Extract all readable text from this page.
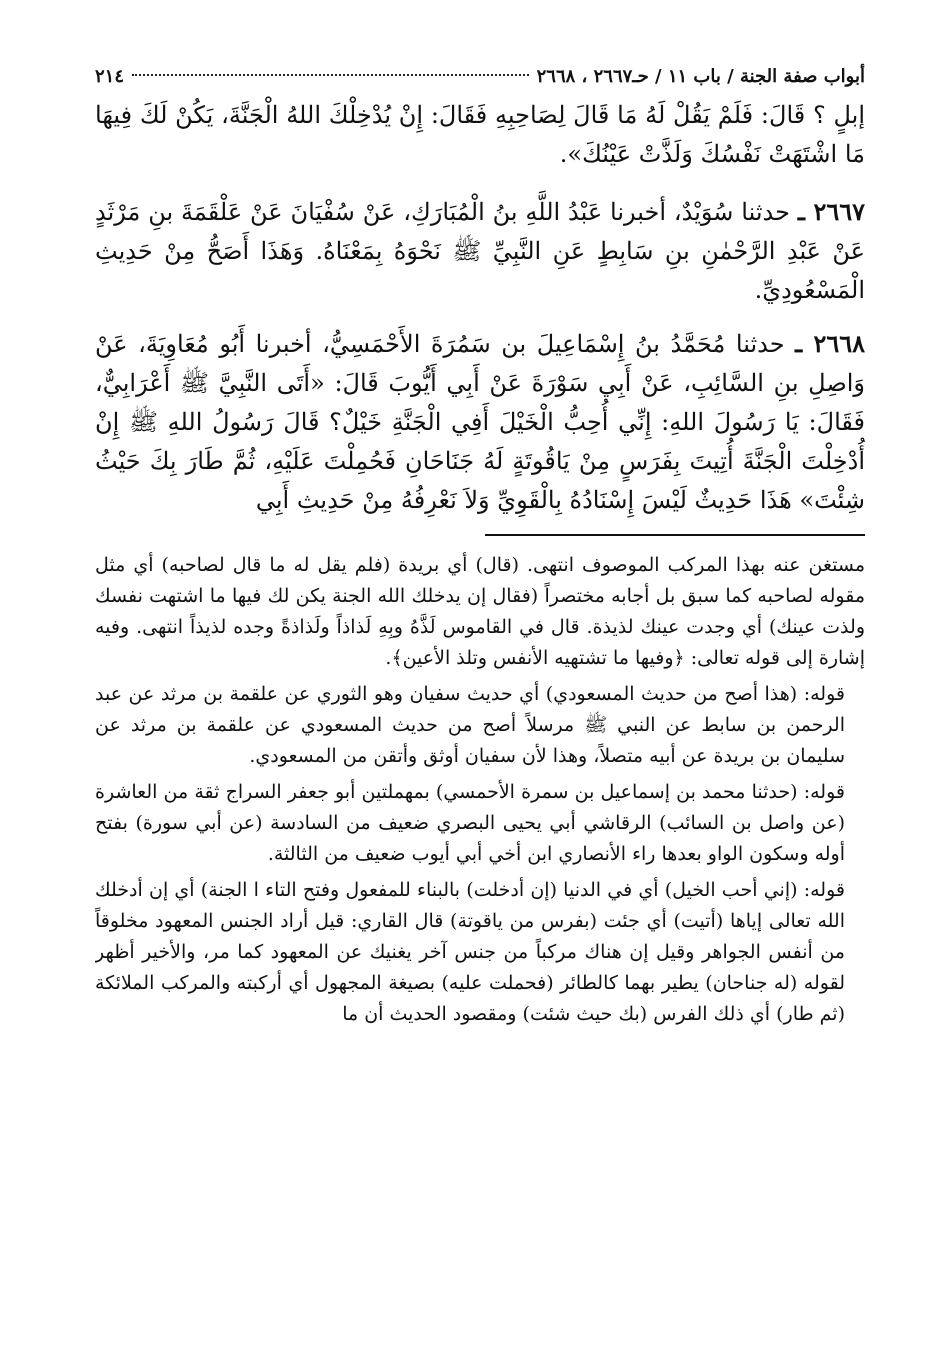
أبواب صفة الجنة / باب ١١ / حـ٢٦٦٧ ، ٢٦٦٨
٢١٤

إبلٍ ؟ قَالَ: فَلَمْ يَقُلْ لَهُ مَا قَالَ لِصَاحِبِهِ فَقَالَ: إِنْ يُدْخِلْكَ اللهُ الْجَنَّةَ، يَكُنْ لَكَ فِيهَا مَا اشْتَهَتْ نَفْسُكَ وَلَذَّتْ عَيْنُكَ».

٢٦٦٧ ـ حدثنا سُوَيْدٌ، أخبرنا عَبْدُ اللَّهِ بنُ الْمُبَارَكِ، عَنْ سُفْيَانَ عَنْ عَلْقَمَةَ بنِ مَرْثَدٍ عَنْ عَبْدِ الرَّحْمٰنِ بنِ سَابِطٍ عَنِ النَّبِيِّ ﷺ نَحْوَهُ بِمَعْنَاهُ. وَهَذَا أَصَحُّ مِنْ حَدِيثِ الْمَسْعُودِيِّ.

٢٦٦٨ ـ حدثنا مُحَمَّدُ بنُ إِسْمَاعِيلَ بن سَمُرَةَ الأَحْمَسِيُّ، أخبرنا أَبُو مُعَاوِيَةَ، عَنْ وَاصِلِ بنِ السَّائِبِ، عَنْ أَبِي سَوْرَةَ عَنْ أَبِي أَيُّوبَ قَالَ: «أَتَى النَّبِيَّ ﷺ أَعْرَابِيٌّ، فَقَالَ: يَا رَسُولَ اللهِ: إِنِّي أُحِبُّ الْخَيْلَ أَفِي الْجَنَّةِ خَيْلٌ؟ قَالَ رَسُولُ اللهِ ﷺ إِنْ أُدْخِلْتَ الْجَنَّةَ أُتِيتَ بِفَرَسٍ مِنْ يَاقُوتَةٍ لَهُ جَنَاحَانِ فَحُمِلْتَ عَلَيْهِ، ثُمَّ طَارَ بِكَ حَيْثُ شِئْتَ» هَذَا حَدِيثٌ لَيْسَ إِسْنَادُهُ بِالْقَوِيِّ وَلاَ نَعْرِفُهُ مِنْ حَدِيثِ أَبِي

مستغن عنه بهذا المركب الموصوف انتهى. (قال) أي بريدة (فلم يقل له ما قال لصاحبه) أي مثل مقوله لصاحبه كما سبق بل أجابه مختصراً (فقال إن يدخلك الله الجنة يكن لك فيها ما اشتهت نفسك ولذت عينك) أي وجدت عينك لذيذة. قال في القاموس لَذَّهُ وبِهِ لَذاذاً ولَذاذةً وجده لذيذاً انتهى. وفيه إشارة إلى قوله تعالى: ﴿وفيها ما تشتهيه الأنفس وتلذ الأعين﴾.

قوله: (هذا أصح من حديث المسعودي) أي حديث سفيان وهو الثوري عن علقمة بن مرثد عن عبد الرحمن بن سابط عن النبي ﷺ مرسلاً أصح من حديث المسعودي عن علقمة بن مرثد عن سليمان بن بريدة عن أبيه متصلاً، وهذا لأن سفيان أوثق وأتقن من المسعودي.

قوله: (حدثنا محمد بن إسماعيل بن سمرة الأحمسي) بمهملتين أبو جعفر السراج ثقة من العاشرة (عن واصل بن السائب) الرقاشي أبي يحيى البصري ضعيف من السادسة (عن أبي سورة) بفتح أوله وسكون الواو بعدها راء الأنصاري ابن أخي أبي أيوب ضعيف من الثالثة.

قوله: (إني أحب الخيل) أي في الدنيا (إن أدخلت) بالبناء للمفعول وفتح التاء ا الجنة) أي إن أدخلك الله تعالى إياها (أتيت) أي جئت (بفرس من ياقوتة) قال القاري: قيل أراد الجنس المعهود مخلوقاً من أنفس الجواهر وقيل إن هناك مركباً من جنس آخر يغنيك عن المعهود كما مر، والأخير أظهر لقوله (له جناحان) يطير بهما كالطائر (فحملت عليه) بصيغة المجهول أي أركبته والمركب الملائكة (ثم طار) أي ذلك الفرس (بك حيث شئت) ومقصود الحديث أن ما
